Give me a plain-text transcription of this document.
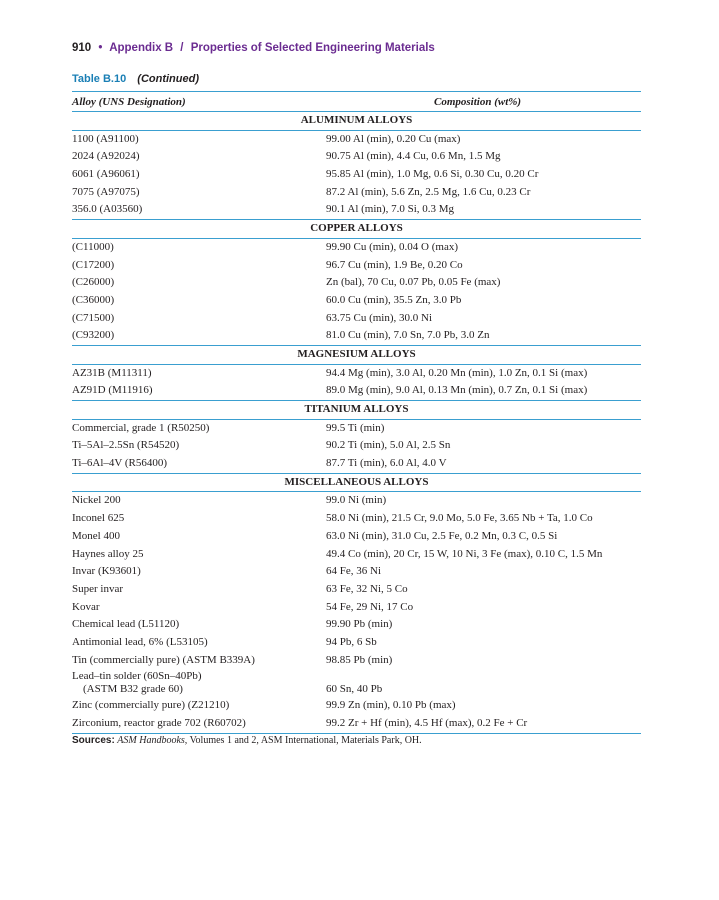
910 • Appendix B / Properties of Selected Engineering Materials
Table B.10 (Continued)
Alloy (UNS Designation)	Composition (wt%)
ALUMINUM ALLOYS
1100 (A91100)	99.00 Al (min), 0.20 Cu (max)
2024 (A92024)	90.75 Al (min), 4.4 Cu, 0.6 Mn, 1.5 Mg
6061 (A96061)	95.85 Al (min), 1.0 Mg, 0.6 Si, 0.30 Cu, 0.20 Cr
7075 (A97075)	87.2 Al (min), 5.6 Zn, 2.5 Mg, 1.6 Cu, 0.23 Cr
356.0 (A03560)	90.1 Al (min), 7.0 Si, 0.3 Mg
COPPER ALLOYS
(C11000)	99.90 Cu (min), 0.04 O (max)
(C17200)	96.7 Cu (min), 1.9 Be, 0.20 Co
(C26000)	Zn (bal), 70 Cu, 0.07 Pb, 0.05 Fe (max)
(C36000)	60.0 Cu (min), 35.5 Zn, 3.0 Pb
(C71500)	63.75 Cu (min), 30.0 Ni
(C93200)	81.0 Cu (min), 7.0 Sn, 7.0 Pb, 3.0 Zn
MAGNESIUM ALLOYS
AZ31B (M11311)	94.4 Mg (min), 3.0 Al, 0.20 Mn (min), 1.0 Zn, 0.1 Si (max)
AZ91D (M11916)	89.0 Mg (min), 9.0 Al, 0.13 Mn (min), 0.7 Zn, 0.1 Si (max)
TITANIUM ALLOYS
Commercial, grade 1 (R50250)	99.5 Ti (min)
Ti–5Al–2.5Sn (R54520)	90.2 Ti (min), 5.0 Al, 2.5 Sn
Ti–6Al–4V (R56400)	87.7 Ti (min), 6.0 Al, 4.0 V
MISCELLANEOUS ALLOYS
Nickel 200	99.0 Ni (min)
Inconel 625	58.0 Ni (min), 21.5 Cr, 9.0 Mo, 5.0 Fe, 3.65 Nb + Ta, 1.0 Co
Monel 400	63.0 Ni (min), 31.0 Cu, 2.5 Fe, 0.2 Mn, 0.3 C, 0.5 Si
Haynes alloy 25	49.4 Co (min), 20 Cr, 15 W, 10 Ni, 3 Fe (max), 0.10 C, 1.5 Mn
Invar (K93601)	64 Fe, 36 Ni
Super invar	63 Fe, 32 Ni, 5 Co
Kovar	54 Fe, 29 Ni, 17 Co
Chemical lead (L51120)	99.90 Pb (min)
Antimonial lead, 6% (L53105)	94 Pb, 6 Sb
Tin (commercially pure) (ASTM B339A)	98.85 Pb (min)
Lead–tin solder (60Sn–40Pb)
(ASTM B32 grade 60)	60 Sn, 40 Pb
Zinc (commercially pure) (Z21210)	99.9 Zn (min), 0.10 Pb (max)
Zirconium, reactor grade 702 (R60702)	99.2 Zr + Hf (min), 4.5 Hf (max), 0.2 Fe + Cr
Sources: ASM Handbooks, Volumes 1 and 2, ASM International, Materials Park, OH.
